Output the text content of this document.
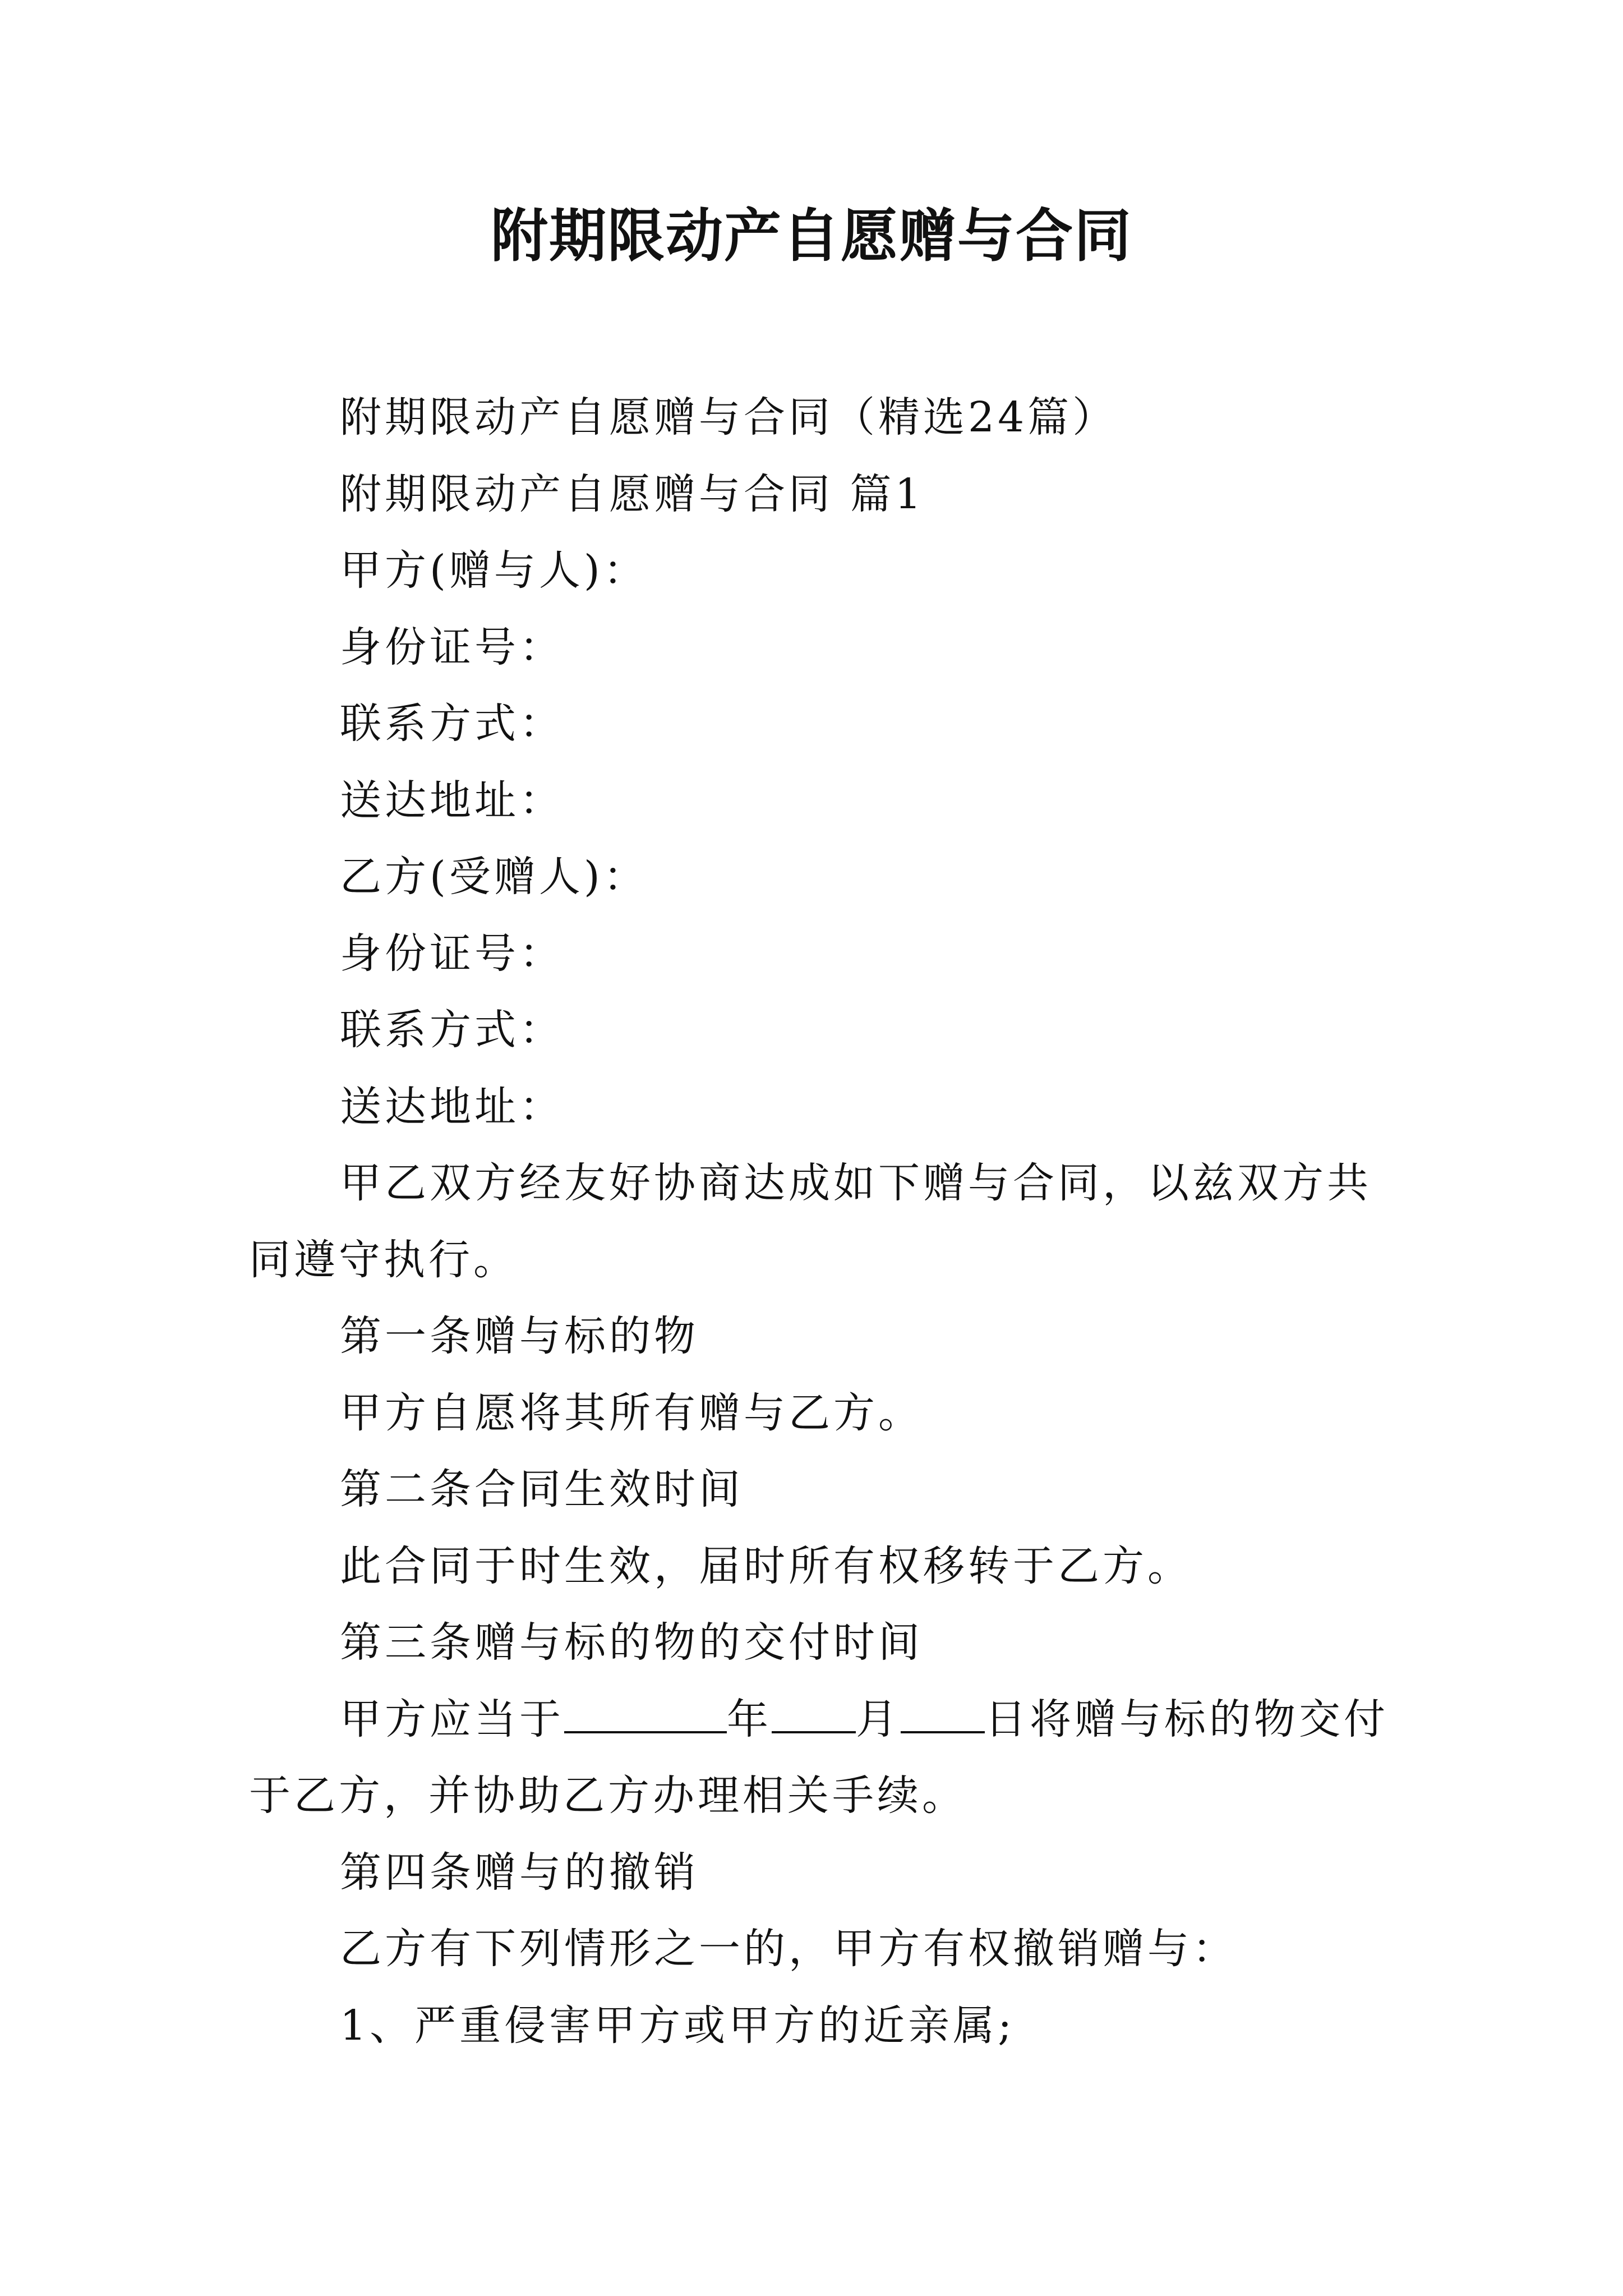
附期限动产自愿赠与合同

附期限动产自愿赠与合同（精选24篇）

附期限动产自愿赠与合同 篇1

甲方(赠与人)：

身份证号：

联系方式：

送达地址：

乙方(受赠人)：

身份证号：

联系方式：

送达地址：

甲乙双方经友好协商达成如下赠与合同，以兹双方共同遵守执行。

第一条赠与标的物

甲方自愿将其所有赠与乙方。

第二条合同生效时间

此合同于时生效，届时所有权移转于乙方。

第三条赠与标的物的交付时间

甲方应当于	年 月 日将赠与标的物交付于乙方，并协助乙方办理相关手续。

第四条赠与的撤销

乙方有下列情形之一的，甲方有权撤销赠与：

1、严重侵害甲方或甲方的近亲属;
